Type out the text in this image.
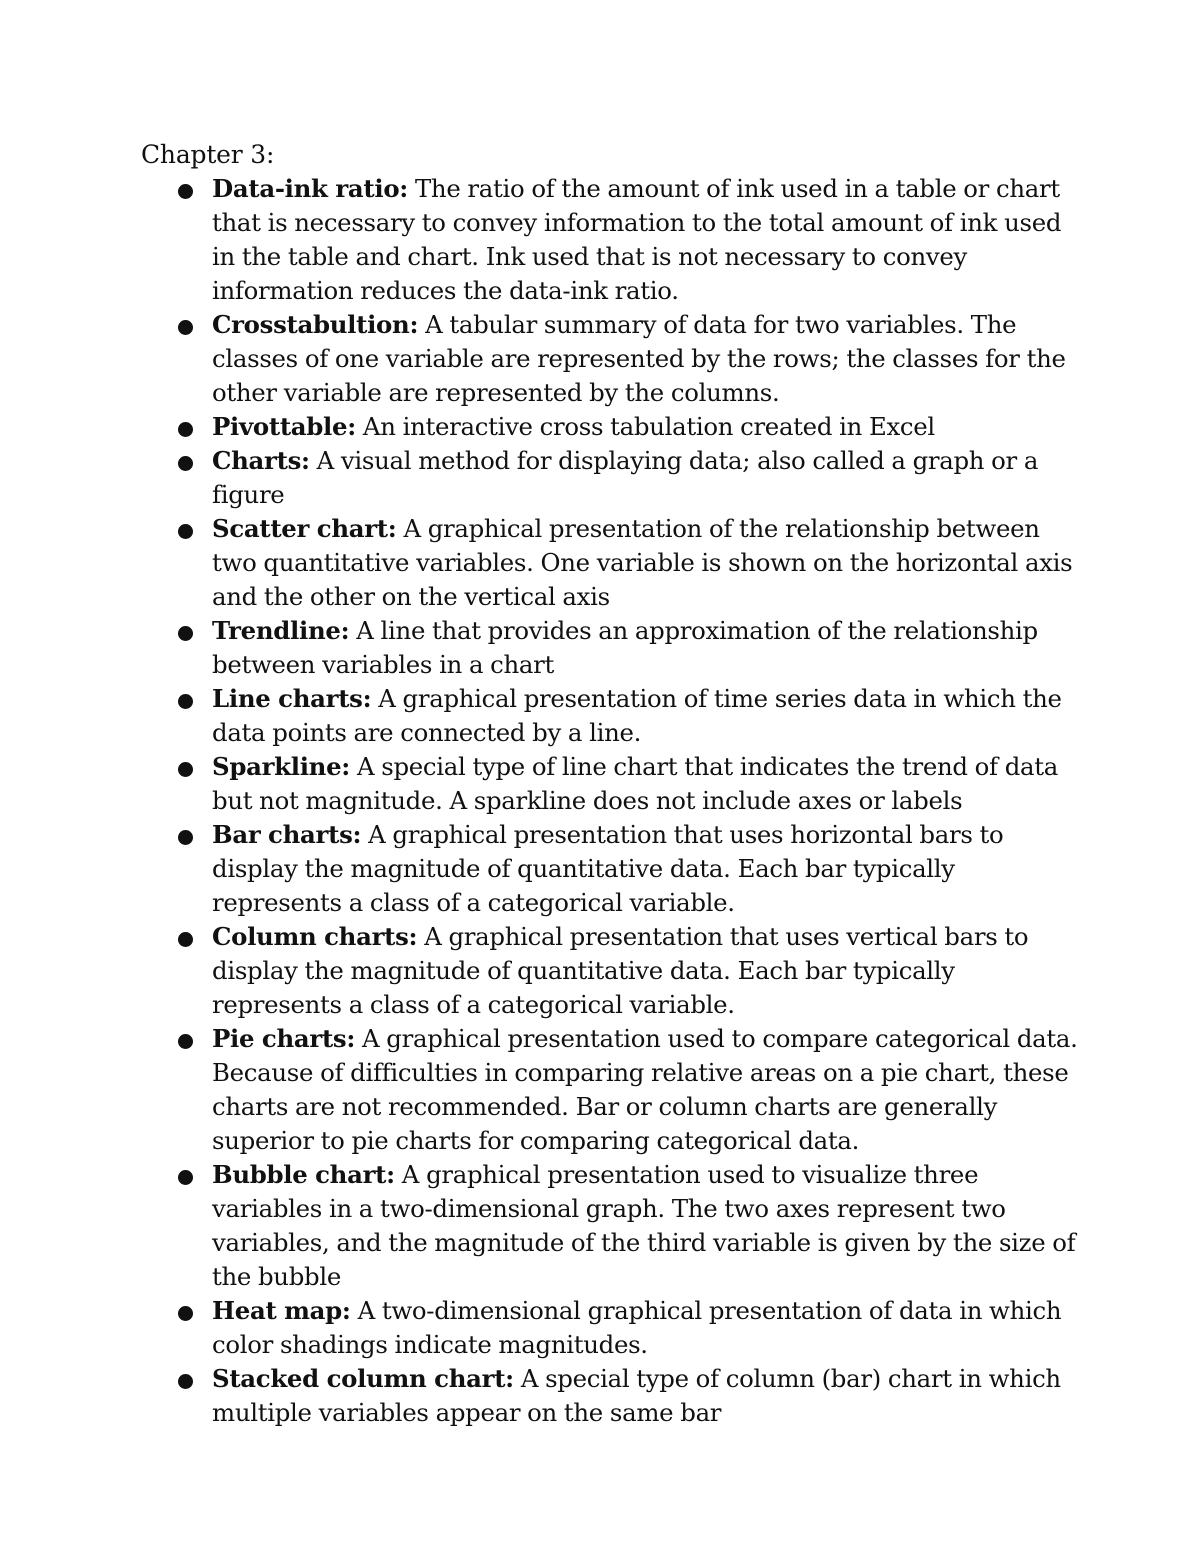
Chapter 3:
Data-ink ratio: The ratio of the amount of ink used in a table or chart that is necessary to convey information to the total amount of ink used in the table and chart. Ink used that is not necessary to convey information reduces the data-ink ratio.
Crosstabultion: A tabular summary of data for two variables. The classes of one variable are represented by the rows; the classes for the other variable are represented by the columns.
Pivottable: An interactive cross tabulation created in Excel
Charts: A visual method for displaying data; also called a graph or a figure
Scatter chart: A graphical presentation of the relationship between two quantitative variables. One variable is shown on the horizontal axis and the other on the vertical axis
Trendline: A line that provides an approximation of the relationship between variables in a chart
Line charts: A graphical presentation of time series data in which the data points are connected by a line.
Sparkline: A special type of line chart that indicates the trend of data but not magnitude. A sparkline does not include axes or labels
Bar charts: A graphical presentation that uses horizontal bars to display the magnitude of quantitative data. Each bar typically represents a class of a categorical variable.
Column charts: A graphical presentation that uses vertical bars to display the magnitude of quantitative data. Each bar typically represents a class of a categorical variable.
Pie charts: A graphical presentation used to compare categorical data. Because of difficulties in comparing relative areas on a pie chart, these charts are not recommended. Bar or column charts are generally superior to pie charts for comparing categorical data.
Bubble chart: A graphical presentation used to visualize three variables in a two-dimensional graph. The two axes represent two variables, and the magnitude of the third variable is given by the size of the bubble
Heat map: A two-dimensional graphical presentation of data in which color shadings indicate magnitudes.
Stacked column chart: A special type of column (bar) chart in which multiple variables appear on the same bar
